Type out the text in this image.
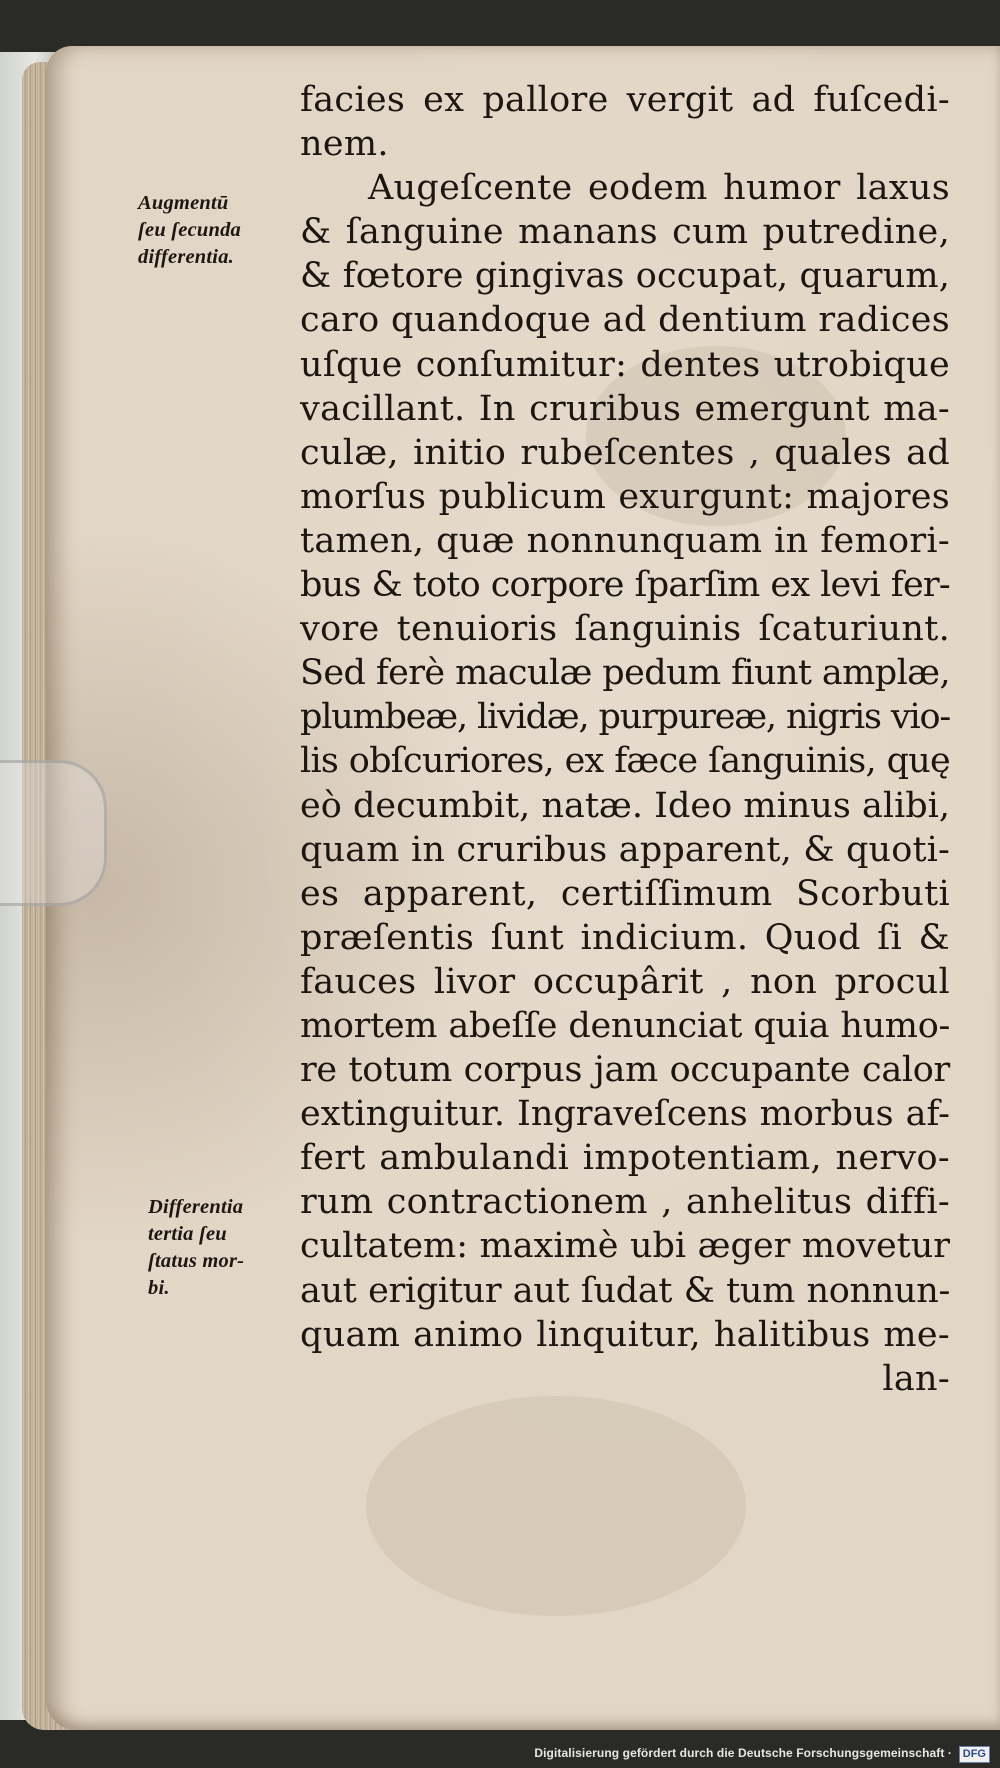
Augmentū
ſeu ſecunda
differentia.
Differentia
tertia ſeu
ſtatus mor-
bi.
facies ex pallore vergit ad fuſcedi-
nem.
Augeſcente eodem humor laxus
& ſanguine manans cum putredine,
& fœtore gingivas occupat, quarum,
caro quandoque ad dentium radices
uſque conſumitur: dentes utrobique
vacillant. In cruribus emergunt ma-
culæ, initio rubeſcentes , quales ad
morſus publicum exurgunt: majores
tamen, quæ nonnunquam in femori-
bus & toto corpore ſparſim ex levi fer-
vore tenuioris ſanguinis ſcaturiunt.
Sed ferè maculæ pedum fiunt amplæ,
plumbeæ, lividæ, purpureæ, nigris vio-
lis obſcuriores, ex fæce ſanguinis, quę
eò decumbit, natæ. Ideo minus alibi,
quam in cruribus apparent, & quoti-
es apparent, certiſſimum Scorbuti
præſentis ſunt indicium. Quod ſi &
fauces livor occupârit , non procul
mortem abeſſe denunciat quia humo-
re totum corpus jam occupante calor
extinguitur. Ingraveſcens morbus af-
fert ambulandi impotentiam, nervo-
rum contractionem , anhelitus diffi-
cultatem: maximè ubi æger movetur
aut erigitur aut ſudat & tum nonnun-
quam animo linquitur, halitibus me-
lan-
Digitalisierung gefördert durch die Deutsche Forschungsgemeinschaft · DFG
